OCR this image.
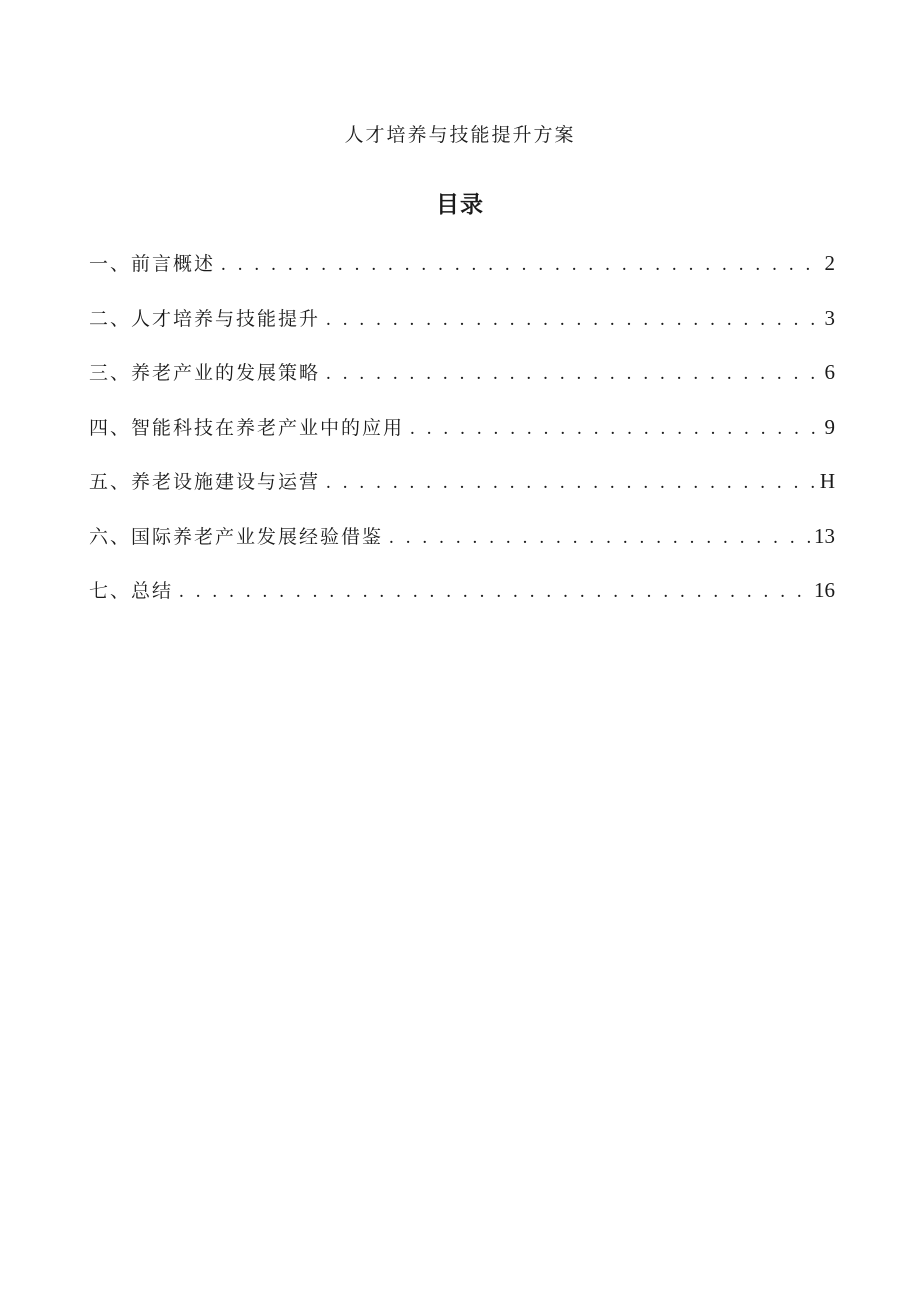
人才培养与技能提升方案
目录
一、前言概述 . . .	2
二、人才培养与技能提升 . . .	3
三、养老产业的发展策略 . . .	6
四、智能科技在养老产业中的应用 . . .	9
五、养老设施建设与运营 . . .	H
六、国际养老产业发展经验借鉴 . . .	13
七、总结 . . .	16
